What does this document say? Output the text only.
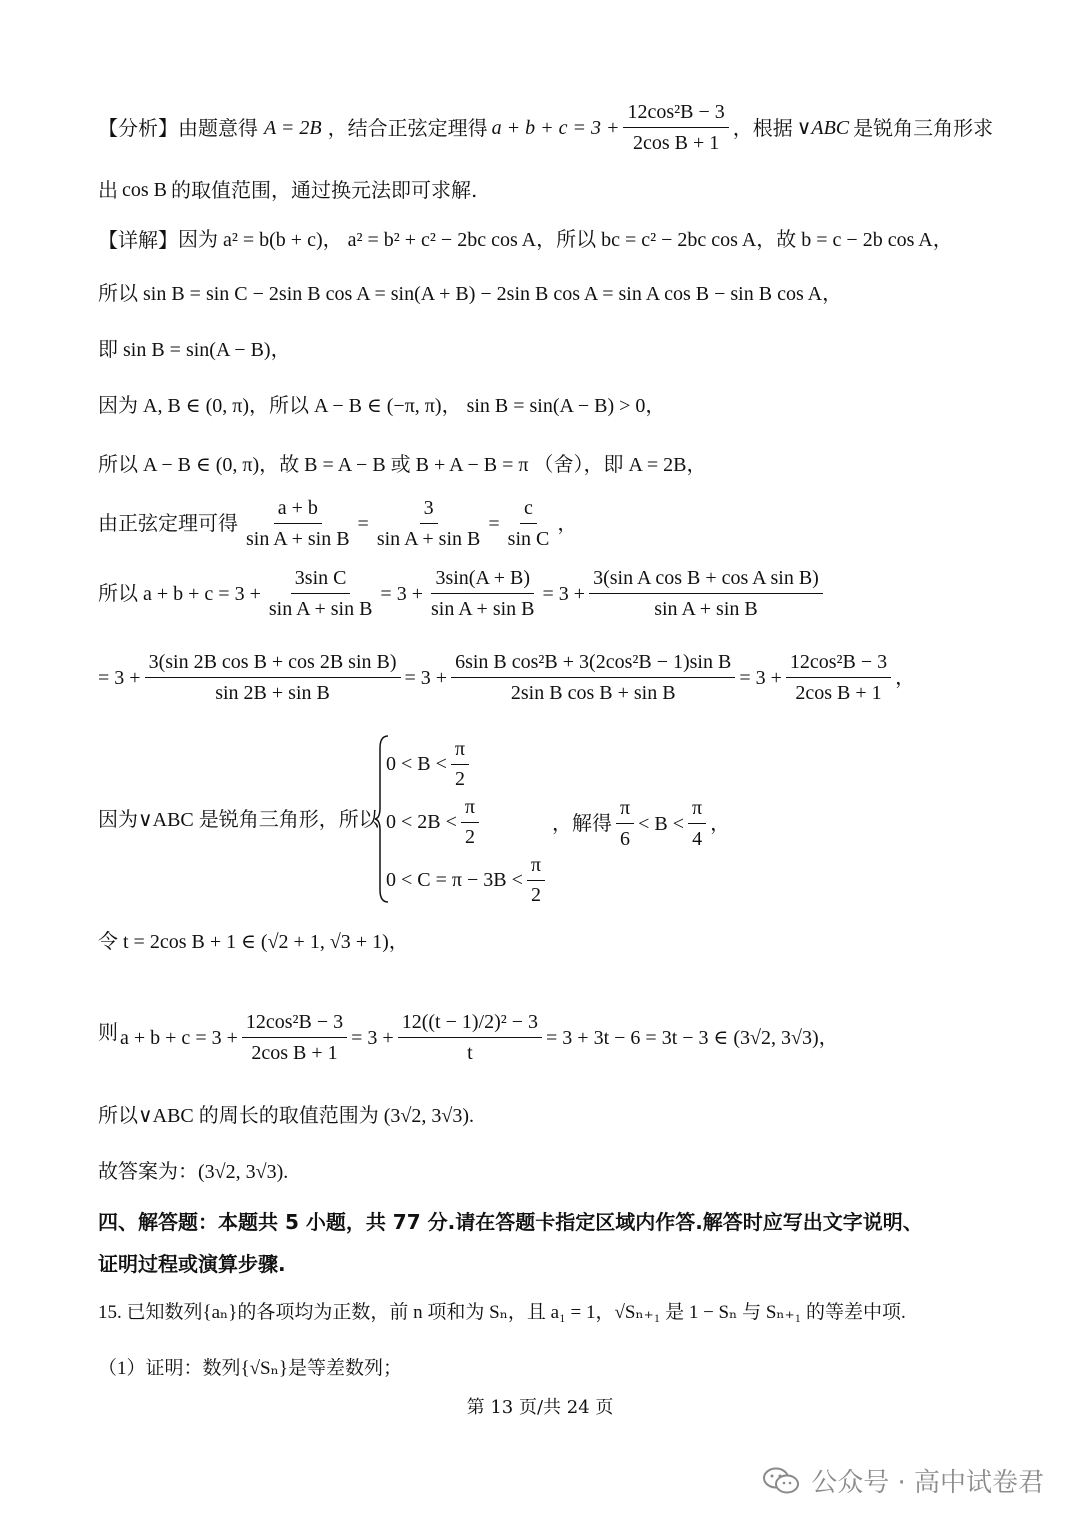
【分析】 由题意得 A = 2B ，结合正弦定理得 $a + b + c = 3 + \frac{\text{12cos²B − 3}}{\text{2cos B + 1}}$ ，根据 ∨ABC 是锐角三角形求
出 cos B 的取值范围，通过换元法即可求解.
【详解】 因为 a² = b(b + c)， a² = b² + c² − 2bc cos A，所以 bc = c² − 2bc cos A，故 b = c − 2b cos A，
所以 sin B = sin C − 2sin B cos A = sin(A + B) − 2sin B cos A = sin A cos B − sin B cos A，
即 sin B = sin(A − B)，
因为 A, B ∈ (0, π)，所以 A − B ∈ (−π, π)， sin B = sin(A − B) > 0，
所以 A − B ∈ (0, π)，故 B = A − B 或 B + A − B = π （舍），即 A = 2B，
由正弦定理可得 $\frac{a + b}{\text{sin A + sin B}} = \frac{3}{\text{sin A + sin B}} = \frac{c}{\text{sin C}}$ ，
所以 $a + b + c = 3 + \frac{\text{3sin C}}{\text{sin A + sin B}} = 3 + \frac{3\sin(A + B)}{\text{sin A + sin B}} = 3 + \frac{\text{3(sin A cos B + cos A sin B)}}{\text{sin A + sin B}}$
= $3 + \frac{\text{3(sin 2B cos B + cos 2B sin B)}}{\text{sin 2B + sin B}} = 3 + \frac{\text{6sin B cos²B + 3(2cos²B − 1)sin B}}{\text{2sin B cos B + sin B}} = 3 + \frac{\text{12cos²B − 3}}{\text{2cos B + 1}}$ ，
因为∨ABC 是锐角三角形，所以
$0 < B < \frac{\pi}{2}$
$0 < 2B < \frac{\pi}{2}$
$0 < C = \pi - 3B < \frac{\pi}{2}$
，解得 $\frac{\pi}{6} < B < \frac{\pi}{4}$ ，
令 t = 2cos B + 1 ∈ (√2 + 1, √3 + 1)，
则 $a + b + c = 3 + \frac{\text{12cos²B − 3}}{\text{2cos B + 1}} = 3 + \frac{\text{12((t − 1)/2)² − 3}}{t} = 3 + 3t - 6 = 3t - 3$ ∈ (3√2, 3√3)，
所以∨ABC 的周长的取值范围为 (3√2, 3√3).
故答案为：(3√2, 3√3).
四、解答题：本题共 5 小题，共 77 分.请在答题卡指定区域内作答.解答时应写出文字说明、
证明过程或演算步骤.
15. 已知数列{aₙ}的各项均为正数，前 n 项和为 Sₙ，且 a₁ = 1，√Sₙ₊₁ 是 1 − Sₙ 与 Sₙ₊₁ 的等差中项.
（1）证明：数列{√Sₙ}是等差数列；
第 13 页/共 24 页
公众号 · 高中试卷君
